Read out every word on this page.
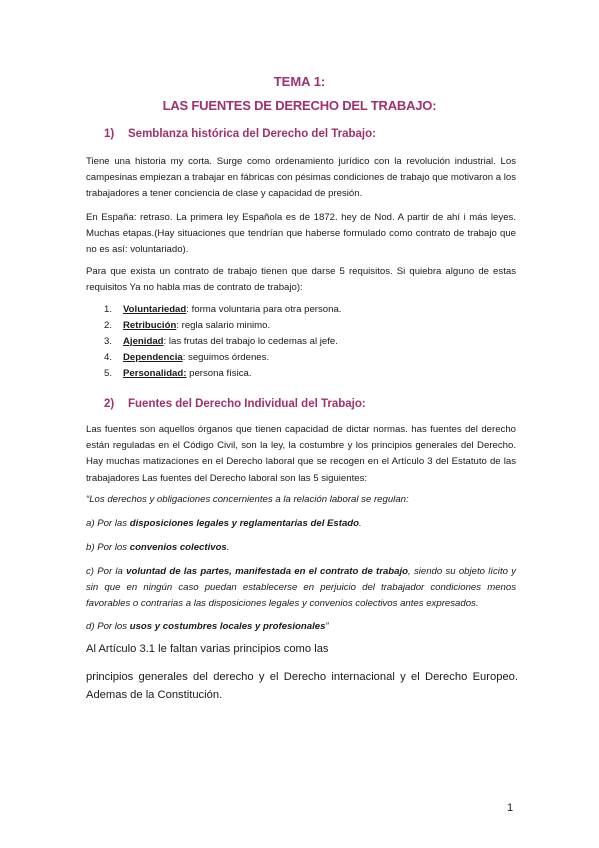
TEMA 1:
LAS FUENTES DE DERECHO DEL TRABAJO:
1) Semblanza histórica del Derecho del Trabajo:

Tiene una historia my corta. Surge como ordenamiento jurídico con la revolución industrial. Los campesinas empiezan a trabajar en fábricas con pésimas condiciones de trabajo que motivaron a los trabajadores a tener conciencia de clase y capacidad de presión.

En España: retraso. La primera ley Española es de 1872. hey de Nod. A partir de ahí i más leyes. Muchas etapas.(Hay situaciones que tendrían que haberse formulado como contrato de trabajo que no es así: voluntariado).

Para que exista un contrato de trabajo tienen que darse 5 requisitos. Si quiebra alguno de estas requisitos Ya no habla mas de contrato de trabajo):

1. Voluntariedad: forma voluntaria para otra persona.
2. Retribución: regla salario minimo.
3. Ajenidad: las frutas del trabajo lo cedemas al jefe.
4. Dependencia: seguimos órdenes.
5. Personalidad: persona física.
2) Fuentes del Derecho Individual del Trabajo:

Las fuentes son aquellos órganos que tienen capacidad de dictar normas. has fuentes del derecho están reguladas en el Código Civil, son la ley, la costumbre y los principios generales del Derecho. Hay muchas matizaciones en el Derecho laboral que se recogen en el Artículo 3 del Estatuto de las trabajadores Las fuentes del Derecho laboral son las 5 siguientes:

“Los derechos y obligaciones concernientes a la relación laboral se regulan:

a) Por las disposiciones legales y reglamentarias del Estado.

b) Por los convenios colectivos.

c) Por la voluntad de las partes, manifestada en el contrato de trabajo, siendo su objeto lícito y sin que en ningún caso puedan establecerse en perjuicio del trabajador condiciones menos favorables o contrarias a las disposiciones legales y convenios colectivos antes expresados.

d) Por los usos y costumbres locales y profesionales”

Al Artículo 3.1 le faltan varias principios como las

principios generales del derecho y el Derecho internacional y el Derecho Europeo. Ademas de la Constitución.

1
